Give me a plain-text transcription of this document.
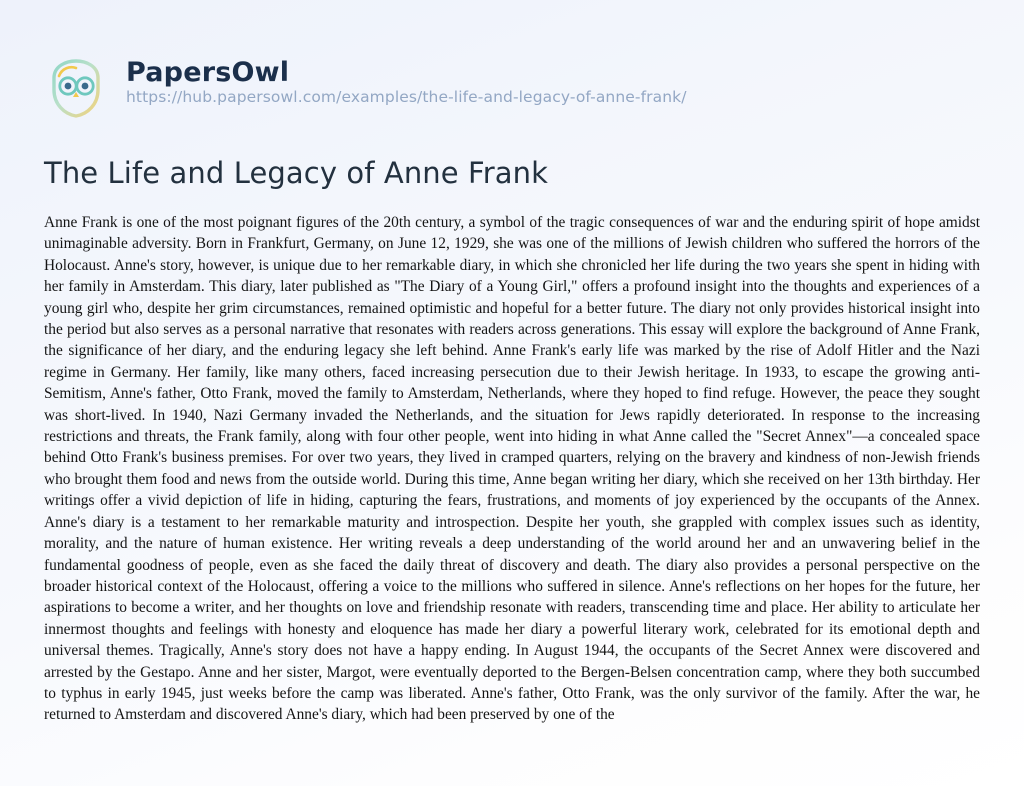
PapersOwl
https://hub.papersowl.com/examples/the-life-and-legacy-of-anne-frank/
The Life and Legacy of Anne Frank

Anne Frank is one of the most poignant figures of the 20th century, a symbol of the tragic consequences of war and the enduring spirit of hope amidst unimaginable adversity. Born in Frankfurt, Germany, on June 12, 1929, she was one of the millions of Jewish children who suffered the horrors of the Holocaust. Anne's story, however, is unique due to her remarkable diary, in which she chronicled her life during the two years she spent in hiding with her family in Amsterdam. This diary, later published as "The Diary of a Young Girl," offers a profound insight into the thoughts and experiences of a young girl who, despite her grim circumstances, remained optimistic and hopeful for a better future. The diary not only provides historical insight into the period but also serves as a personal narrative that resonates with readers across generations. This essay will explore the background of Anne Frank, the significance of her diary, and the enduring legacy she left behind. Anne Frank's early life was marked by the rise of Adolf Hitler and the Nazi regime in Germany. Her family, like many others, faced increasing persecution due to their Jewish heritage. In 1933, to escape the growing anti-Semitism, Anne's father, Otto Frank, moved the family to Amsterdam, Netherlands, where they hoped to find refuge. However, the peace they sought was short-lived. In 1940, Nazi Germany invaded the Netherlands, and the situation for Jews rapidly deteriorated. In response to the increasing restrictions and threats, the Frank family, along with four other people, went into hiding in what Anne called the "Secret Annex"—a concealed space behind Otto Frank's business premises. For over two years, they lived in cramped quarters, relying on the bravery and kindness of non-Jewish friends who brought them food and news from the outside world. During this time, Anne began writing her diary, which she received on her 13th birthday. Her writings offer a vivid depiction of life in hiding, capturing the fears, frustrations, and moments of joy experienced by the occupants of the Annex. Anne's diary is a testament to her remarkable maturity and introspection. Despite her youth, she grappled with complex issues such as identity, morality, and the nature of human existence. Her writing reveals a deep understanding of the world around her and an unwavering belief in the fundamental goodness of people, even as she faced the daily threat of discovery and death. The diary also provides a personal perspective on the broader historical context of the Holocaust, offering a voice to the millions who suffered in silence. Anne's reflections on her hopes for the future, her aspirations to become a writer, and her thoughts on love and friendship resonate with readers, transcending time and place. Her ability to articulate her innermost thoughts and feelings with honesty and eloquence has made her diary a powerful literary work, celebrated for its emotional depth and universal themes. Tragically, Anne's story does not have a happy ending. In August 1944, the occupants of the Secret Annex were discovered and arrested by the Gestapo. Anne and her sister, Margot, were eventually deported to the Bergen-Belsen concentration camp, where they both succumbed to typhus in early 1945, just weeks before the camp was liberated. Anne's father, Otto Frank, was the only survivor of the family. After the war, he returned to Amsterdam and discovered Anne's diary, which had been preserved by one of the
